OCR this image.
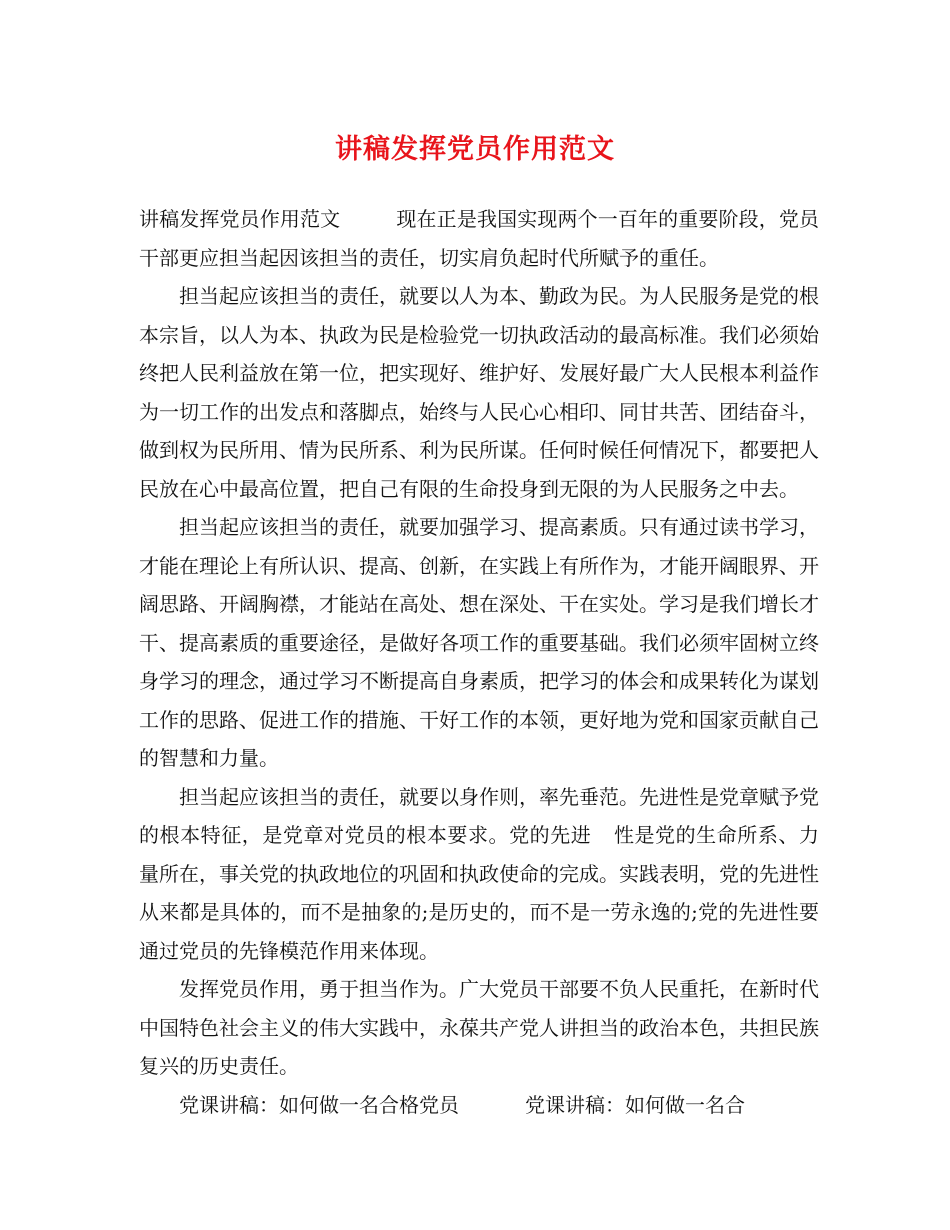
讲稿发挥党员作用范文

讲稿发挥党员作用范文	现在正是我国实现两个一百年的重要阶段，党员干部更应担当起因该担当的责任，切实肩负起时代所赋予的重任。

担当起应该担当的责任，就要以人为本、勤政为民。为人民服务是党的根本宗旨，以人为本、执政为民是检验党一切执政活动的最高标准。我们必须始终把人民利益放在第一位，把实现好、维护好、发展好最广大人民根本利益作为一切工作的出发点和落脚点，始终与人民心心相印、同甘共苦、团结奋斗，做到权为民所用、情为民所系、利为民所谋。任何时候任何情况下，都要把人民放在心中最高位置，把自己有限的生命投身到无限的为人民服务之中去。

担当起应该担当的责任，就要加强学习、提高素质。只有通过读书学习，才能在理论上有所认识、提高、创新，在实践上有所作为，才能开阔眼界、开阔思路、开阔胸襟，才能站在高处、想在深处、干在实处。学习是我们增长才干、提高素质的重要途径，是做好各项工作的重要基础。我们必须牢固树立终身学习的理念，通过学习不断提高自身素质，把学习的体会和成果转化为谋划工作的思路、促进工作的措施、干好工作的本领，更好地为党和国家贡献自己的智慧和力量。

担当起应该担当的责任，就要以身作则，率先垂范。先进性是党章赋予党的根本特征，是党章对党员的根本要求。党的先进 性是党的生命所系、力量所在，事关党的执政地位的巩固和执政使命的完成。实践表明，党的先进性从来都是具体的，而不是抽象的;是历史的，而不是一劳永逸的;党的先进性要通过党员的先锋模范作用来体现。

发挥党员作用，勇于担当作为。广大党员干部要不负人民重托，在新时代中国特色社会主义的伟大实践中，永葆共产党人讲担当的政治本色，共担民族复兴的历史责任。

党课讲稿：如何做一名合格党员	党课讲稿：如何做一名合
